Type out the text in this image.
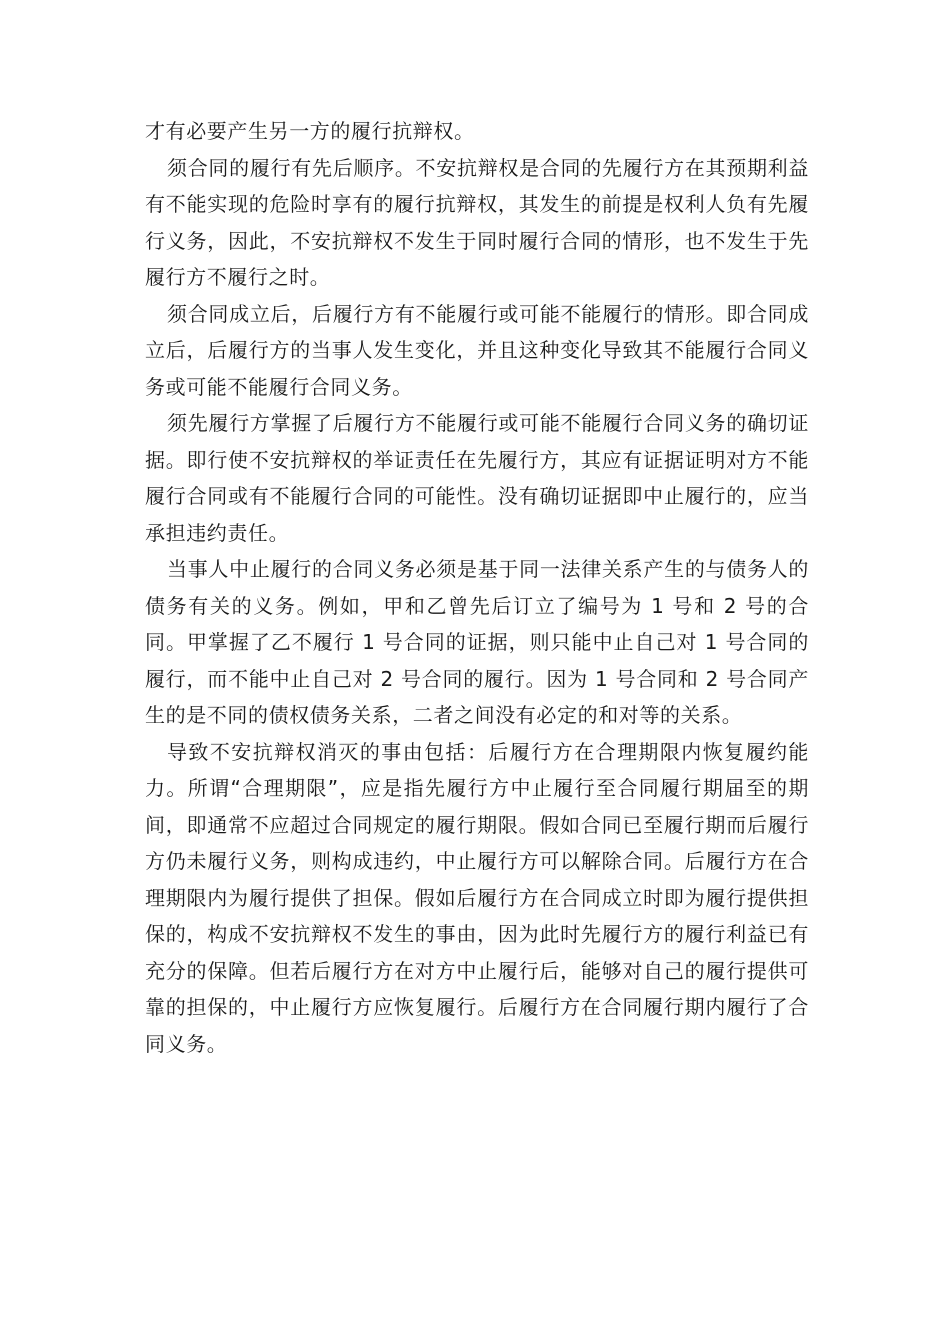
才有必要产生另一方的履行抗辩权。

须合同的履行有先后顺序。不安抗辩权是合同的先履行方在其预期利益有不能实现的危险时享有的履行抗辩权，其发生的前提是权利人负有先履行义务，因此，不安抗辩权不发生于同时履行合同的情形，也不发生于先履行方不履行之时。

须合同成立后，后履行方有不能履行或可能不能履行的情形。即合同成立后，后履行方的当事人发生变化，并且这种变化导致其不能履行合同义务或可能不能履行合同义务。

须先履行方掌握了后履行方不能履行或可能不能履行合同义务的确切证据。即行使不安抗辩权的举证责任在先履行方，其应有证据证明对方不能履行合同或有不能履行合同的可能性。没有确切证据即中止履行的，应当承担违约责任。

当事人中止履行的合同义务必须是基于同一法律关系产生的与债务人的债务有关的义务。例如，甲和乙曾先后订立了编号为 1 号和 2 号的合同。甲掌握了乙不履行 1 号合同的证据，则只能中止自己对 1 号合同的履行，而不能中止自己对 2 号合同的履行。因为 1 号合同和 2 号合同产生的是不同的债权债务关系，二者之间没有必定的和对等的关系。

导致不安抗辩权消灭的事由包括：后履行方在合理期限内恢复履约能力。所谓“合理期限”，应是指先履行方中止履行至合同履行期届至的期间，即通常不应超过合同规定的履行期限。假如合同已至履行期而后履行方仍未履行义务，则构成违约，中止履行方可以解除合同。后履行方在合理期限内为履行提供了担保。假如后履行方在合同成立时即为履行提供担保的，构成不安抗辩权不发生的事由，因为此时先履行方的履行利益已有充分的保障。但若后履行方在对方中止履行后，能够对自己的履行提供可靠的担保的，中止履行方应恢复履行。后履行方在合同履行期内履行了合同义务。
